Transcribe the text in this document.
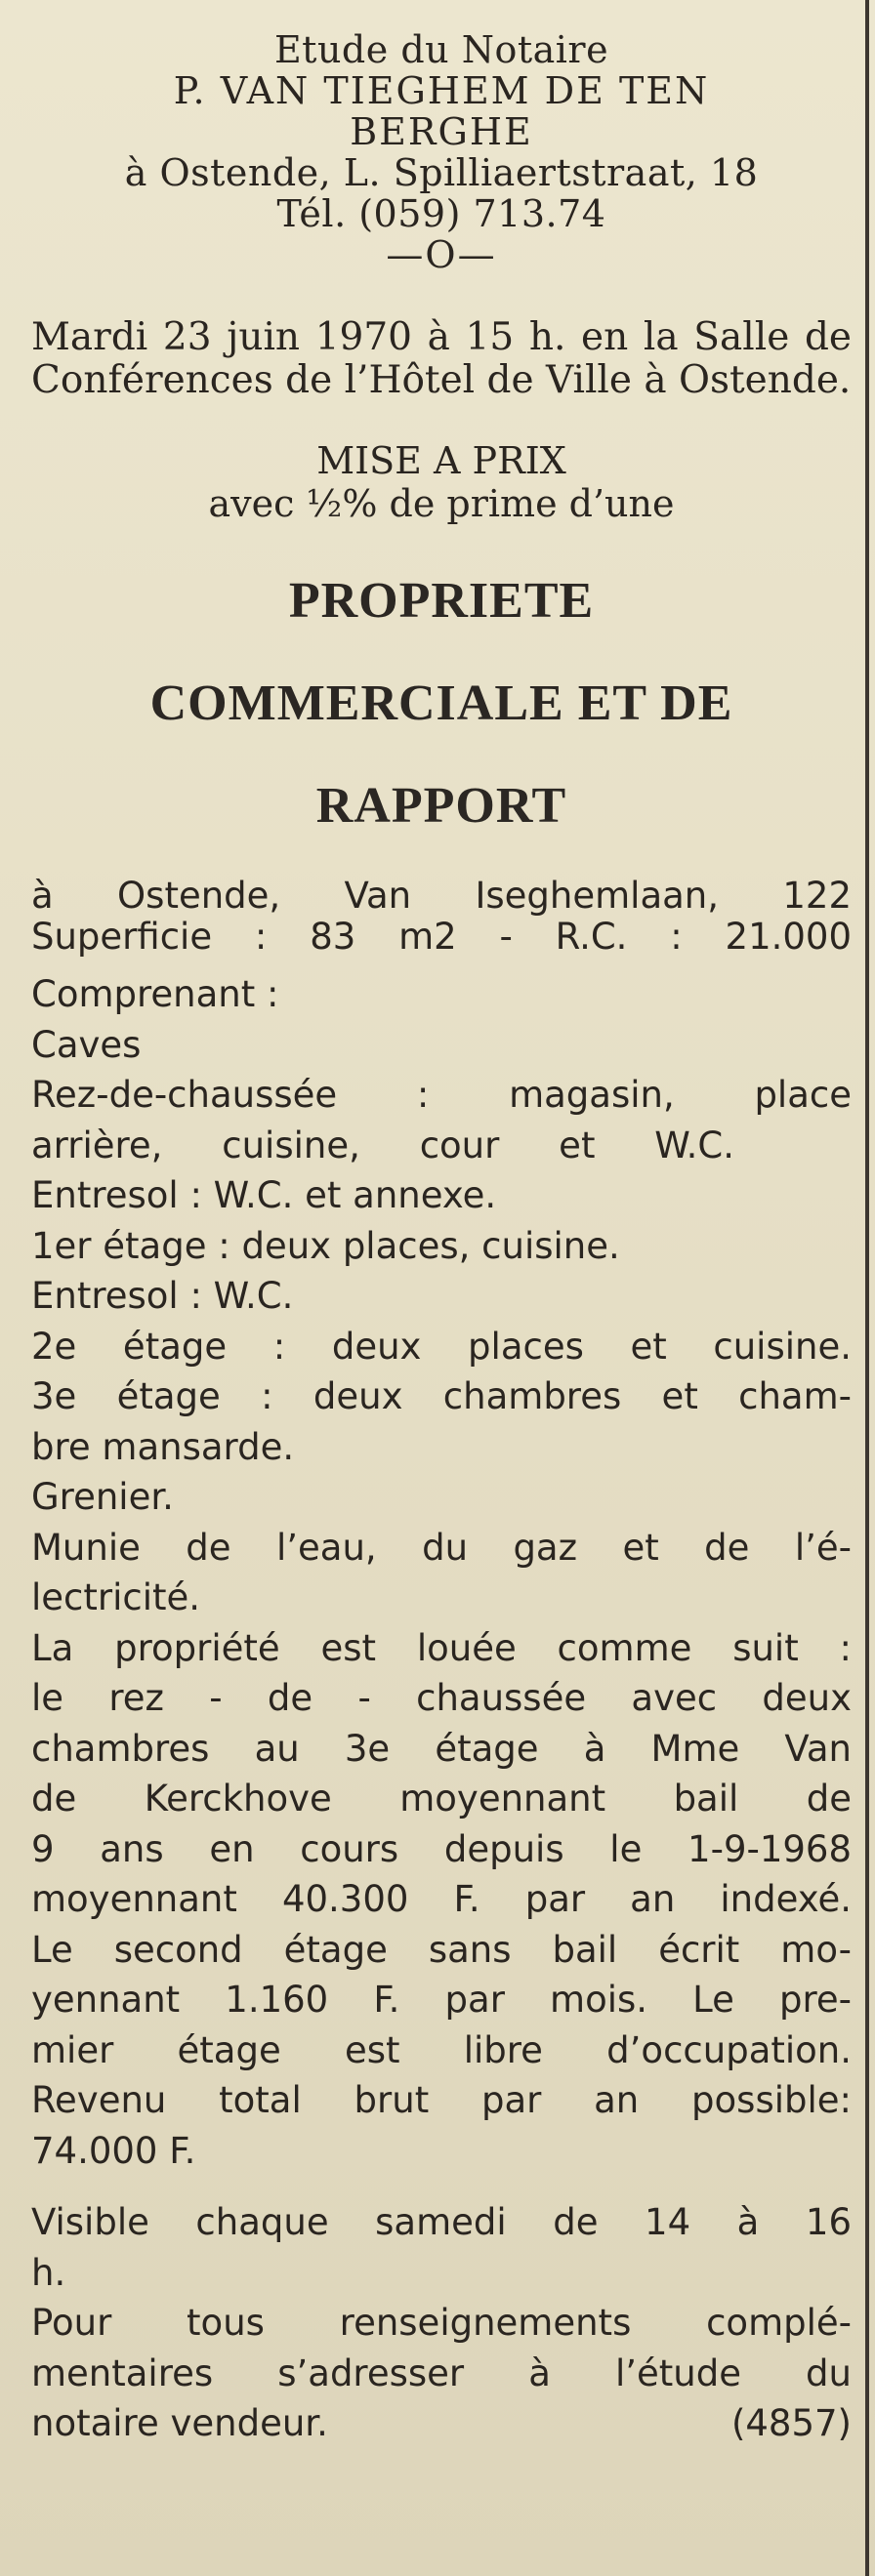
Etude du Notaire
P. VAN TIEGHEM DE TEN
BERGHE
à Ostende, L. Spilliaertstraat, 18
Tél. (059) 713.74
—O—
Mardi 23 juin 1970 à 15 h. en la Salle de Conférences de l’Hôtel de Ville à Ostende.
MISE A PRIX
avec ½% de prime d’une
PROPRIETE
COMMERCIALE ET DE
RAPPORT
à Ostende, Van Iseghemlaan, 122
Superficie : 83 m2 - R.C. : 21.000
Comprenant :
Caves
Rez-de-chaussée : magasin, place
arrière, cuisine, cour et W.C.
Entresol : W.C. et annexe.
1er étage : deux places, cuisine.
Entresol : W.C.
2e étage : deux places et cuisine.
3e étage : deux chambres et cham-
bre mansarde.
Grenier.
Munie de l’eau, du gaz et de l’é-
lectricité.
La propriété est louée comme suit :
le rez - de - chaussée avec deux
chambres au 3e étage à Mme Van
de Kerckhove moyennant bail de
9 ans en cours depuis le 1-9-1968
moyennant 40.300 F. par an indexé.
Le second étage sans bail écrit mo-
yennant 1.160 F. par mois. Le pre-
mier étage est libre d’occupation.
Revenu total brut par an possible:
74.000 F.
Visible chaque samedi de 14 à 16
h.
Pour tous renseignements complé-
mentaires s’adresser à l’étude du
notaire vendeur.	(4857)
